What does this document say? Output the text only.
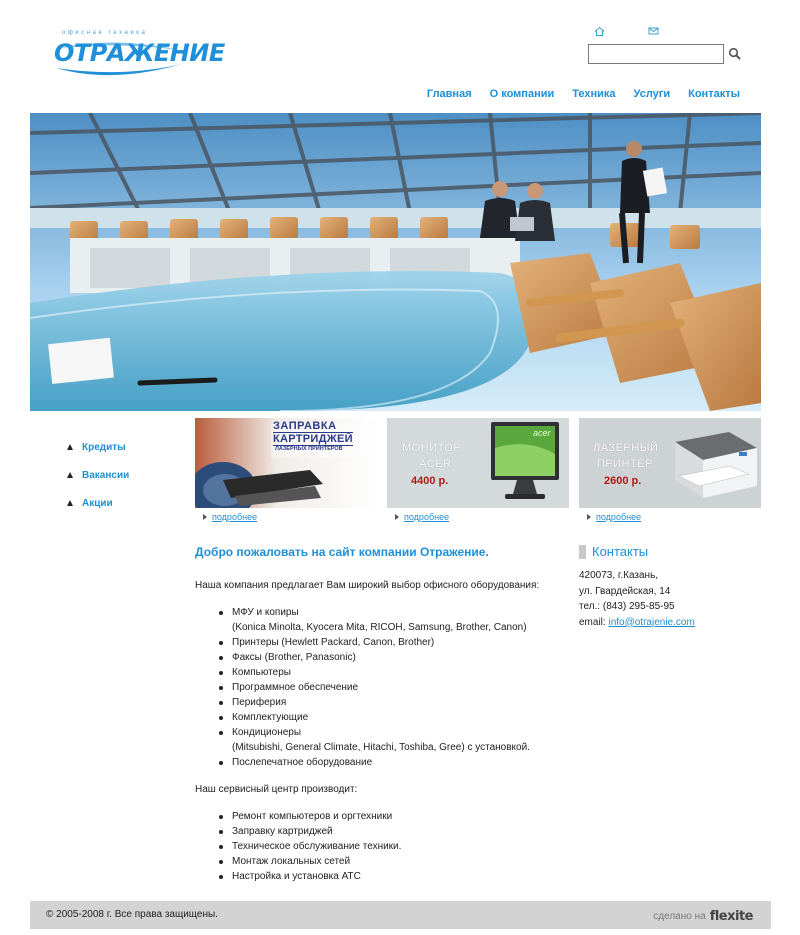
офисная техника
ОТРАЖЕНИЕ
Главная О компании Техника Услуги Контакты
Кредиты
Вакансии
Акции
ЗАПРАВКА
КАРТРИДЖЕЙ
ЛАЗЕРНЫХ ПРИНТЕРОВ
acer
МОНИТОР
ACER
4400 р.
ЛАЗЕРНЫЙ
ПРИНТЕР
2600 р.
подробнее	подробнее	подробнее
Добро пожаловать на сайт компании Отражение.

Наша компания предлагает Вам широкий выбор офисного оборудования:

МФУ и копиры
(Konica Minolta, Kyocera Mita, RICOH, Samsung, Brother, Canon)
Принтеры (Hewlett Packard, Canon, Brother)
Факсы (Brother, Panasonic)
Компьютеры
Программное обеспечение
Периферия
Комплектующие
Кондиционеры
(Mitsubishi, General Climate, Hitachi, Toshiba, Gree) с установкой.
Послепечатное оборудование

Наш сервисный центр производит:

Ремонт компьютеров и оргтехники
Заправку картриджей
Техническое обслуживание техники.
Монтаж локальных сетей
Настройка и установка АТС
Контакты
420073, г.Казань,
ул. Гвардейская, 14
тел.: (843) 295-85-95
email: info@otrajenie.com
© 2005-2008 г. Все права защищены.	сделано на flexite
